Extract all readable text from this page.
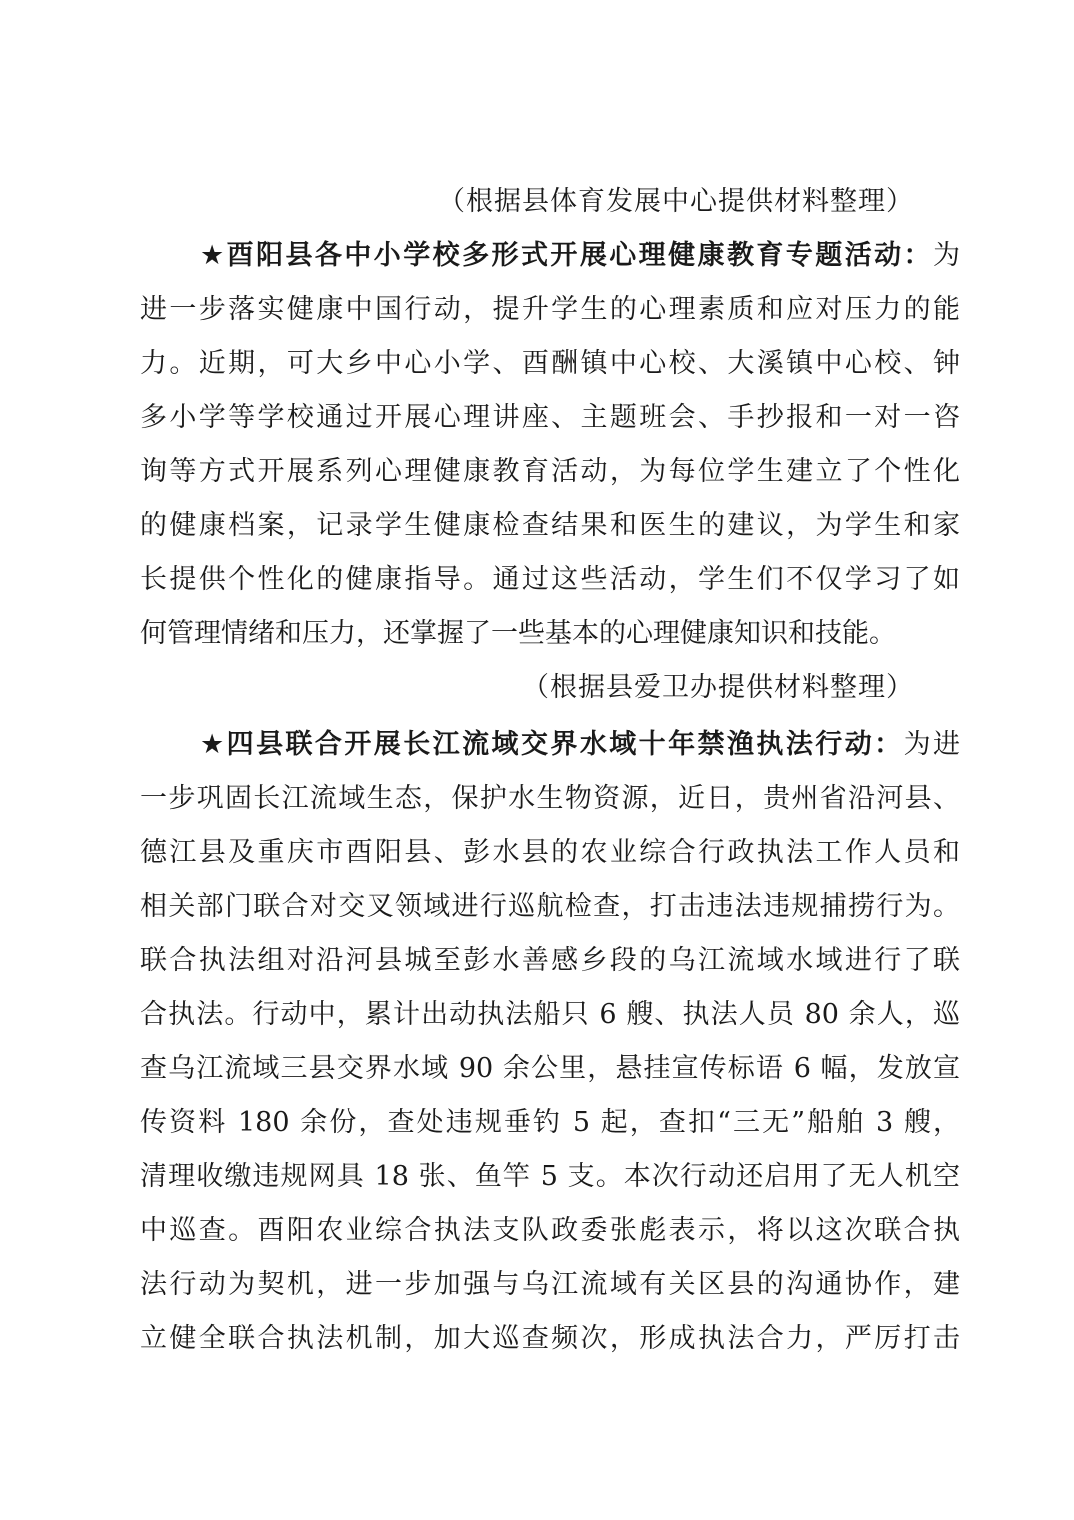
（根据县体育发展中心提供材料整理）
★酉阳县各中小学校多形式开展心理健康教育专题活动：为
进一步落实健康中国行动，提升学生的心理素质和应对压力的能
力。近期，可大乡中心小学、酉酬镇中心校、大溪镇中心校、钟
多小学等学校通过开展心理讲座、主题班会、手抄报和一对一咨
询等方式开展系列心理健康教育活动，为每位学生建立了个性化
的健康档案，记录学生健康检查结果和医生的建议，为学生和家
长提供个性化的健康指导。通过这些活动，学生们不仅学习了如
何管理情绪和压力，还掌握了一些基本的心理健康知识和技能。
（根据县爱卫办提供材料整理）
★四县联合开展长江流域交界水域十年禁渔执法行动：为进
一步巩固长江流域生态，保护水生物资源，近日，贵州省沿河县、
德江县及重庆市酉阳县、彭水县的农业综合行政执法工作人员和
相关部门联合对交叉领域进行巡航检查，打击违法违规捕捞行为。
联合执法组对沿河县城至彭水善感乡段的乌江流域水域进行了联
合执法。行动中，累计出动执法船只 6 艘、执法人员 80 余人，巡
查乌江流域三县交界水域 90 余公里，悬挂宣传标语 6 幅，发放宣
传资料 180 余份，查处违规垂钓 5 起，查扣“三无”船舶 3 艘，
清理收缴违规网具 18 张、鱼竿 5 支。本次行动还启用了无人机空
中巡查。酉阳农业综合执法支队政委张彪表示，将以这次联合执
法行动为契机，进一步加强与乌江流域有关区县的沟通协作，建
立健全联合执法机制，加大巡查频次，形成执法合力，严厉打击
